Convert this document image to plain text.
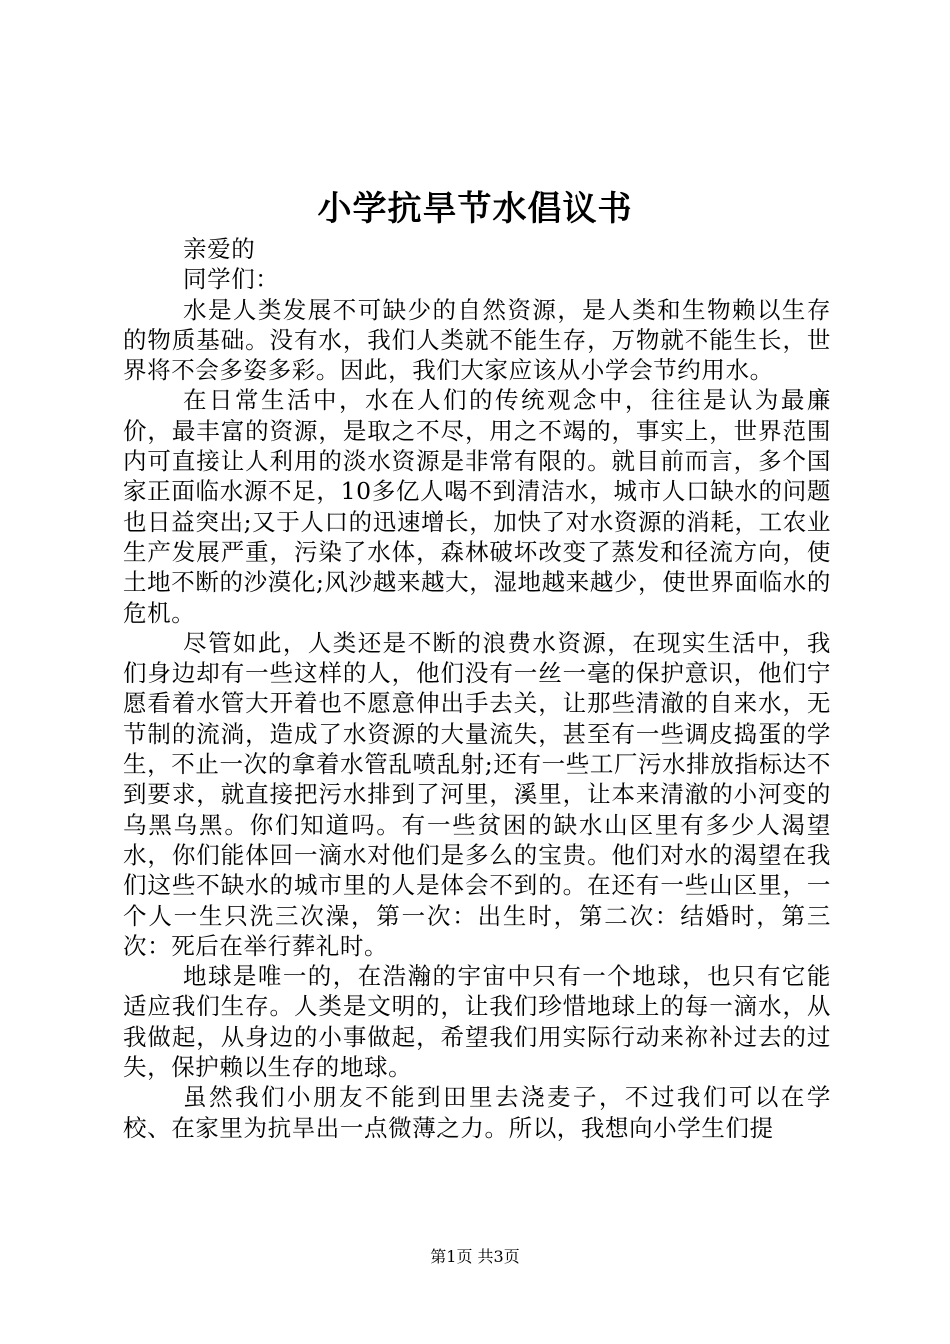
小学抗旱节水倡议书

亲爱的

同学们：

水是人类发展不可缺少的自然资源，是人类和生物赖以生存的物质基础。没有水，我们人类就不能生存，万物就不能生长，世界将不会多姿多彩。因此，我们大家应该从小学会节约用水。

在日常生活中，水在人们的传统观念中，往往是认为最廉价，最丰富的资源，是取之不尽，用之不竭的，事实上，世界范围内可直接让人利用的淡水资源是非常有限的。就目前而言，多个国家正面临水源不足，10多亿人喝不到清洁水，城市人口缺水的问题也日益突出;又于人口的迅速增长，加快了对水资源的消耗，工农业生产发展严重，污染了水体，森林破坏改变了蒸发和径流方向，使土地不断的沙漠化;风沙越来越大，湿地越来越少，使世界面临水的危机。

尽管如此，人类还是不断的浪费水资源，在现实生活中，我们身边却有一些这样的人，他们没有一丝一毫的保护意识，他们宁愿看着水管大开着也不愿意伸出手去关，让那些清澈的自来水，无节制的流淌，造成了水资源的大量流失，甚至有一些调皮捣蛋的学生，不止一次的拿着水管乱喷乱射;还有一些工厂污水排放指标达不到要求，就直接把污水排到了河里，溪里，让本来清澈的小河变的乌黑乌黑。你们知道吗。有一些贫困的缺水山区里有多少人渴望水，你们能体回一滴水对他们是多么的宝贵。他们对水的渴望在我们这些不缺水的城市里的人是体会不到的。在还有一些山区里，一个人一生只洗三次澡，第一次：出生时，第二次：结婚时，第三次：死后在举行葬礼时。

地球是唯一的，在浩瀚的宇宙中只有一个地球，也只有它能适应我们生存。人类是文明的，让我们珍惜地球上的每一滴水，从我做起，从身边的小事做起，希望我们用实际行动来祢补过去的过失，保护赖以生存的地球。

虽然我们小朋友不能到田里去浇麦子，不过我们可以在学校、在家里为抗旱出一点微薄之力。所以，我想向小学生们提

第1页 共3页
